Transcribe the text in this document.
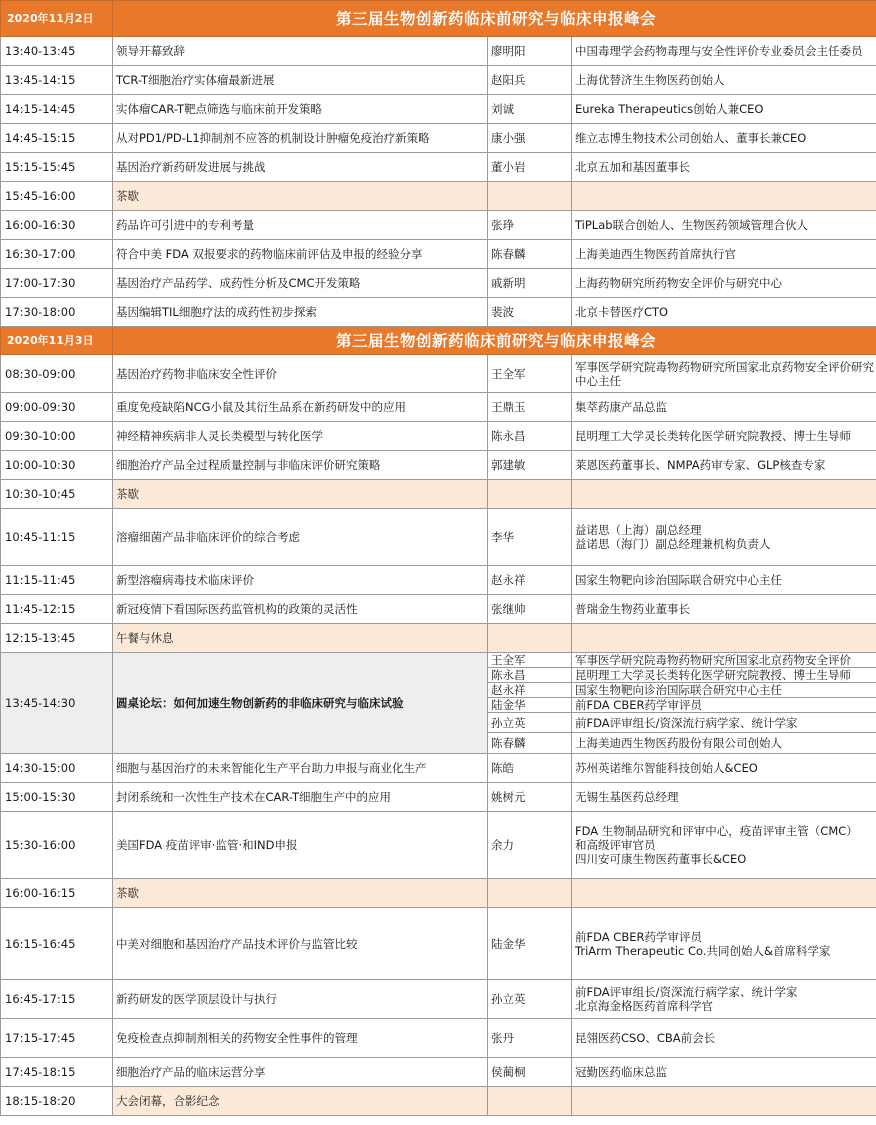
2020年11月2日	第三届生物创新药临床前研究与临床申报峰会		
13:40-13:45	领导开幕致辞	廖明阳	中国毒理学会药物毒理与安全性评价专业委员会主任委员
13:45-14:15	TCR-T细胞治疗实体瘤最新进展	赵阳兵	上海优替济生生物医药创始人
14:15-14:45	实体瘤CAR-T靶点筛选与临床前开发策略	刘诚	Eureka Therapeutics创始人兼CEO
14:45-15:15	从对PD1/PD-L1抑制剂不应答的机制设计肿瘤免疫治疗新策略	康小强	维立志博生物技术公司创始人、董事长兼CEO
15:15-15:45	基因治疗新药研发进展与挑战	董小岩	北京五加和基因董事长
15:45-16:00	茶歇		
16:00-16:30	药品许可引进中的专利考量	张琤	TiPLab联合创始人、生物医药领域管理合伙人
16:30-17:00	符合中美 FDA 双报要求的药物临床前评估及申报的经验分享	陈春麟	上海美迪西生物医药首席执行官
17:00-17:30	基因治疗产品药学、成药性分析及CMC开发策略	戚新明	上海药物研究所药物安全评价与研究中心
17:30-18:00	基因编辑TIL细胞疗法的成药性初步探索	裴波	北京卡替医疗CTO
2020年11月3日	第三届生物创新药临床前研究与临床申报峰会		
08:30-09:00	基因治疗药物非临床安全性评价	王全军	军事医学研究院毒物药物研究所国家北京药物安全评价研究中心主任
09:00-09:30	重度免疫缺陷NCG小鼠及其衍生品系在新药研发中的应用	王鼎玉	集萃药康产品总监
09:30-10:00	神经精神疾病非人灵长类模型与转化医学	陈永昌	昆明理工大学灵长类转化医学研究院教授、博士生导师
10:00-10:30	细胞治疗产品全过程质量控制与非临床评价研究策略	郭建敏	莱恩医药董事长、NMPA药审专家、GLP核查专家
10:30-10:45	茶歇		
10:45-11:15	溶瘤细菌产品非临床评价的综合考虑	李华	益诺思（上海）副总经理
益诺思（海门）副总经理兼机构负责人

11:15-11:45	新型溶瘤病毒技术临床评价	赵永祥	国家生物靶向诊治国际联合研究中心主任
11:45-12:15	新冠疫情下看国际医药监管机构的政策的灵活性	张继帅	普瑞金生物药业董事长
12:15-13:45	午餐与休息		
13:45-14:30	圆桌论坛：如何加速生物创新药的非临床研究与临床试验	王全军	军事医学研究院毒物药物研究所国家北京药物安全评价
		陈永昌	昆明理工大学灵长类转化医学研究院教授、博士生导师
		赵永祥	国家生物靶向诊治国际联合研究中心主任
		陆金华	前FDA CBER药学审评员
		孙立英	前FDA评审组长/资深流行病学家、统计学家
		陈春麟	上海美迪西生物医药股份有限公司创始人
14:30-15:00	细胞与基因治疗的未来智能化生产平台助力申报与商业化生产	陈皓	苏州英诺维尔智能科技创始人&CEO
15:00-15:30	封闭系统和一次性生产技术在CAR-T细胞生产中的应用	姚树元	无锡生基医药总经理
15:30-16:00	美国FDA 疫苗评审·监管·和IND申报	余力	FDA 生物制品研究和评审中心，疫苗评审主管（CMC）
和高级评审官员
四川安可康生物医药董事长&CEO

16:00-16:15	茶歇		
16:15-16:45	中美对细胞和基因治疗产品技术评价与监管比较	陆金华	前FDA CBER药学审评员
TriArm Therapeutic Co.共同创始人&首席科学家

16:45-17:15	新药研发的医学顶层设计与执行	孙立英	前FDA评审组长/资深流行病学家、统计学家
北京海金格医药首席科学官

17:15-17:45	免疫检查点抑制剂相关的药物安全性事件的管理	张丹	昆翎医药CSO、CBA前会长
17:45-18:15	细胞治疗产品的临床运营分享	侯蔺桐	冠勤医药临床总监
18:15-18:20	大会闭幕，合影纪念		
